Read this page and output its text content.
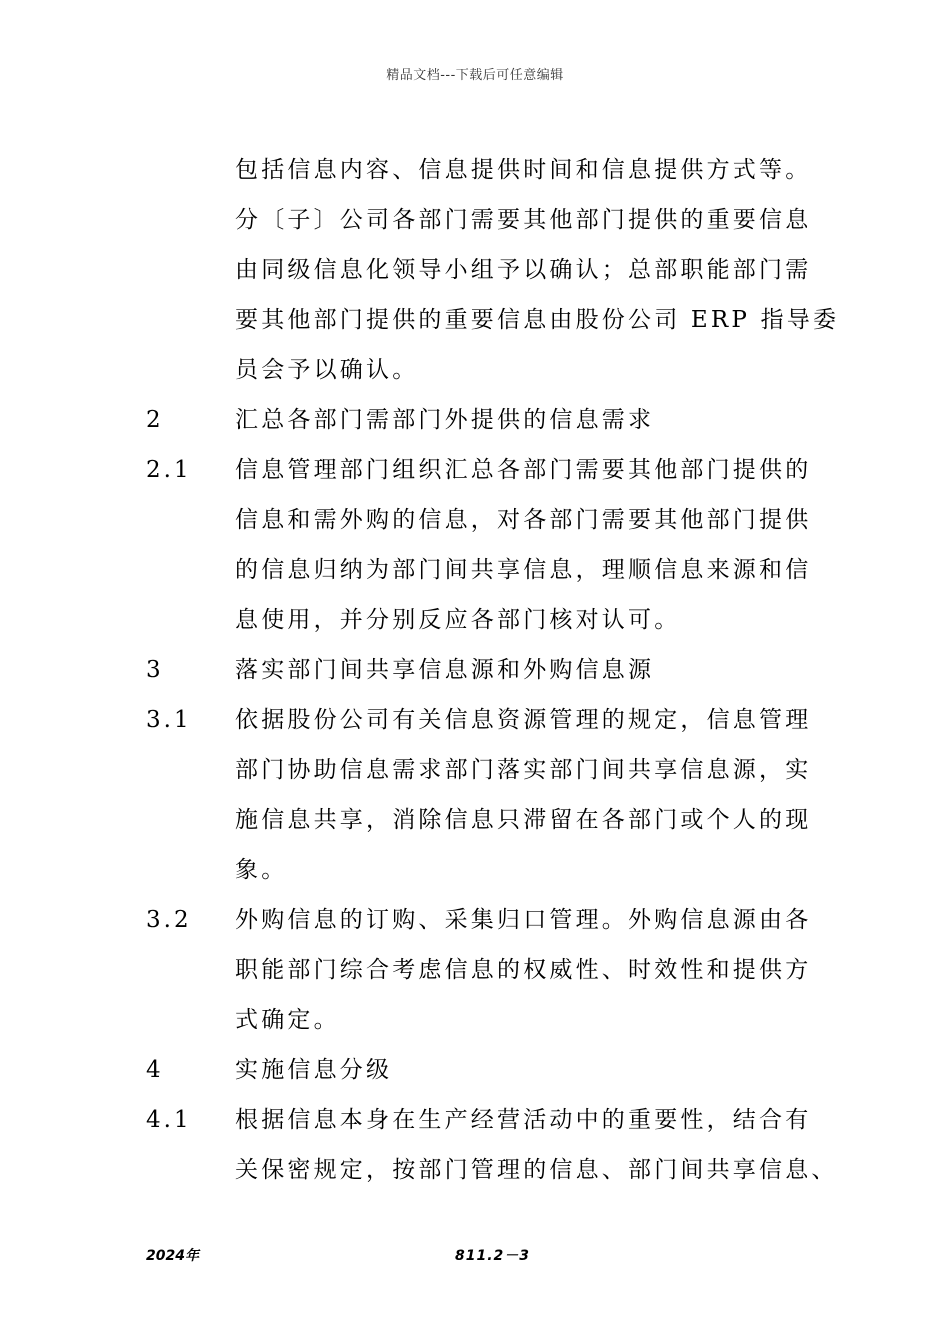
精品文档---下载后可任意编辑
包括信息内容、信息提供时间和信息提供方式等。
分〔子〕公司各部门需要其他部门提供的重要信息
由同级信息化领导小组予以确认；总部职能部门需
要其他部门提供的重要信息由股份公司 ERP 指导委
员会予以确认。
2	汇总各部门需部门外提供的信息需求
2.1 信息管理部门组织汇总各部门需要其他部门提供的
信息和需外购的信息，对各部门需要其他部门提供
的信息归纳为部门间共享信息，理顺信息来源和信
息使用，并分别反应各部门核对认可。
3	落实部门间共享信息源和外购信息源
3.1 依据股份公司有关信息资源管理的规定，信息管理
部门协助信息需求部门落实部门间共享信息源，实
施信息共享，消除信息只滞留在各部门或个人的现
象。
3.2 外购信息的订购、采集归口管理。外购信息源由各
职能部门综合考虑信息的权威性、时效性和提供方
式确定。
4	实施信息分级
4.1 根据信息本身在生产经营活动中的重要性，结合有
关保密规定，按部门管理的信息、部门间共享信息、
2024年	811.2－3
